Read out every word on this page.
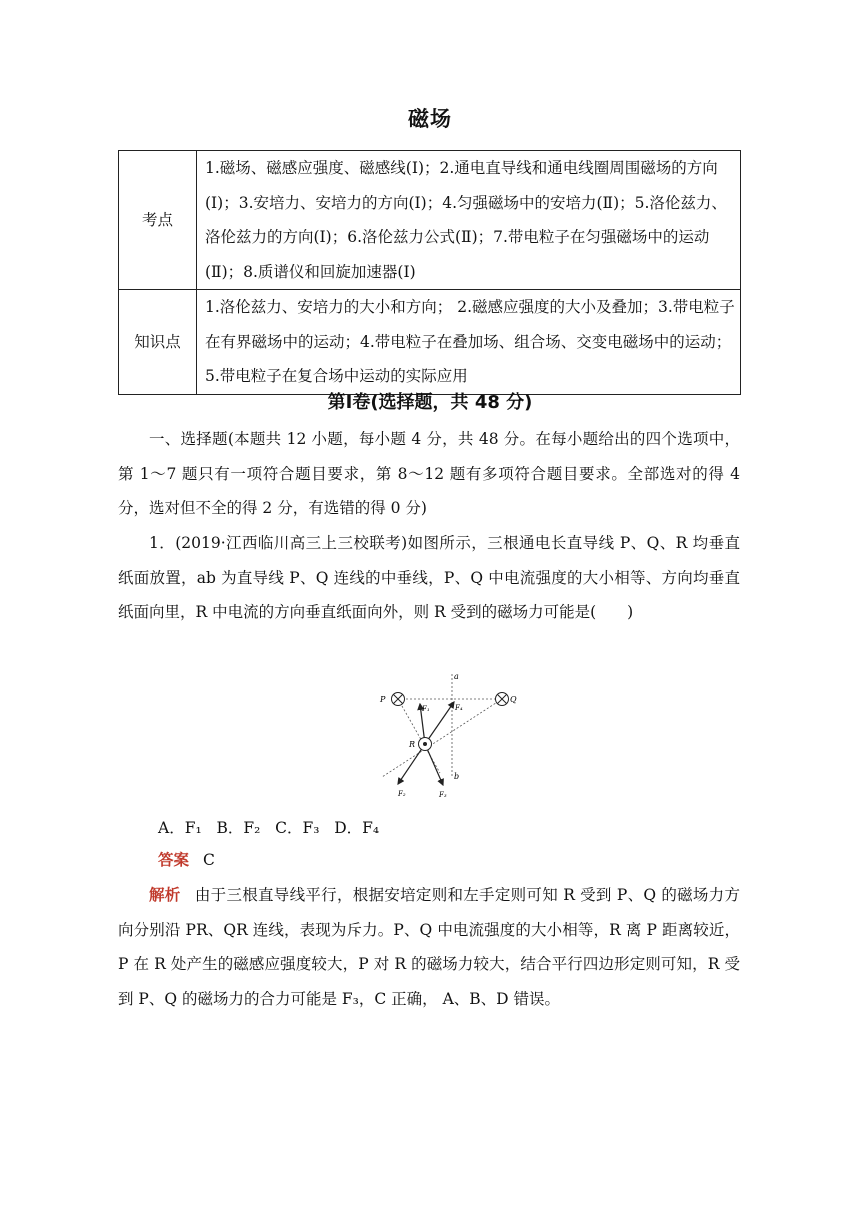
磁场
考点	1.磁场、磁感应强度、磁感线(Ⅰ)；2.通电直导线和通电线圈周围磁场的方向(Ⅰ)；3.安培力、安培力的方向(Ⅰ)；4.匀强磁场中的安培力(Ⅱ)；5.洛伦兹力、洛伦兹力的方向(Ⅰ)；6.洛伦兹力公式(Ⅱ)；7.带电粒子在匀强磁场中的运动(Ⅱ)；8.质谱仪和回旋加速器(Ⅰ)
知识点	1.洛伦兹力、安培力的大小和方向； 2.磁感应强度的大小及叠加；3.带电粒子在有界磁场中的运动；4.带电粒子在叠加场、组合场、交变电磁场中的运动；5.带电粒子在复合场中运动的实际应用
第Ⅰ卷(选择题，共 48 分)

一、选择题(本题共 12 小题，每小题 4 分，共 48 分。在每小题给出的四个选项中，第 1～7 题只有一项符合题目要求，第 8～12 题有多项符合题目要求。全部选对的得 4 分，选对但不全的得 2 分，有选错的得 0 分)

1．(2019·江西临川高三上三校联考)如图所示，三根通电长直导线 P、Q、R 均垂直纸面放置，ab 为直导线 P、Q 连线的中垂线，P、Q 中电流强度的大小相等、方向均垂直纸面向里，R 中电流的方向垂直纸面向外，则 R 受到的磁场力可能是(　　)

P	Q
R
a
b
F₁	F₄
F₂	F₃
A．F₁   B．F₂   C．F₃   D．F₄
答案 C

解析 由于三根直导线平行，根据安培定则和左手定则可知 R 受到 P、Q 的磁场力方向分别沿 PR、QR 连线，表现为斥力。P、Q 中电流强度的大小相等，R 离 P 距离较近，P 在 R 处产生的磁感应强度较大，P 对 R 的磁场力较大，结合平行四边形定则可知，R 受到 P、Q 的磁场力的合力可能是 F₃，C 正确， A、B、D 错误。
